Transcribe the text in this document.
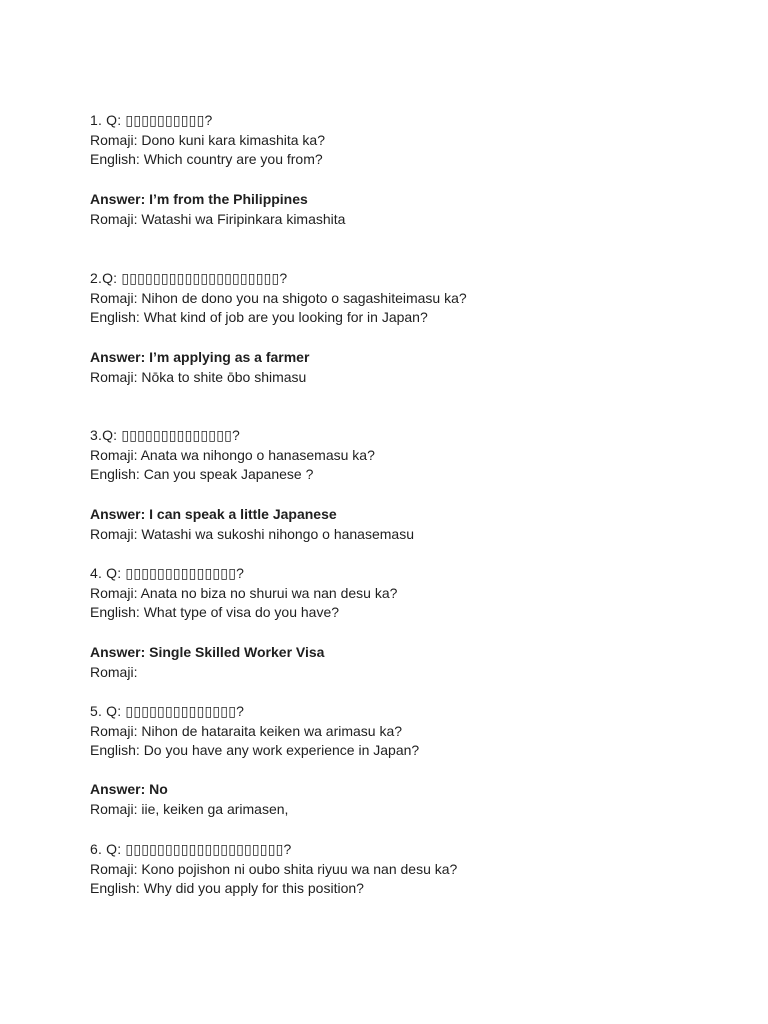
1. Q: ▯▯▯▯▯▯▯▯▯▯?
Romaji: Dono kuni kara kimashita ka?
English: Which country are you from?
Answer: I’m from the Philippines
Romaji: Watashi wa Firipinkara kimashita
2.Q: ▯▯▯▯▯▯▯▯▯▯▯▯▯▯▯▯▯▯▯▯?
Romaji: Nihon de dono you na shigoto o sagashiteimasu ka?
English: What kind of job are you looking for in Japan?
Answer: I’m applying as a farmer
Romaji: Nōka to shite ōbo shimasu
3.Q: ▯▯▯▯▯▯▯▯▯▯▯▯▯▯?
Romaji: Anata wa nihongo o hanasemasu ka?
English: Can you speak Japanese ?
Answer: I can speak a little Japanese
Romaji: Watashi wa sukoshi nihongo o hanasemasu
4. Q: ▯▯▯▯▯▯▯▯▯▯▯▯▯▯?
Romaji: Anata no biza no shurui wa nan desu ka?
English: What type of visa do you have?
Answer: Single Skilled Worker Visa
Romaji:
5. Q: ▯▯▯▯▯▯▯▯▯▯▯▯▯▯?
Romaji: Nihon de hataraita keiken wa arimasu ka?
English: Do you have any work experience in Japan?
Answer: No
Romaji: iie, keiken ga arimasen,
6. Q: ▯▯▯▯▯▯▯▯▯▯▯▯▯▯▯▯▯▯▯▯?
Romaji: Kono pojishon ni oubo shita riyuu wa nan desu ka?
English: Why did you apply for this position?
